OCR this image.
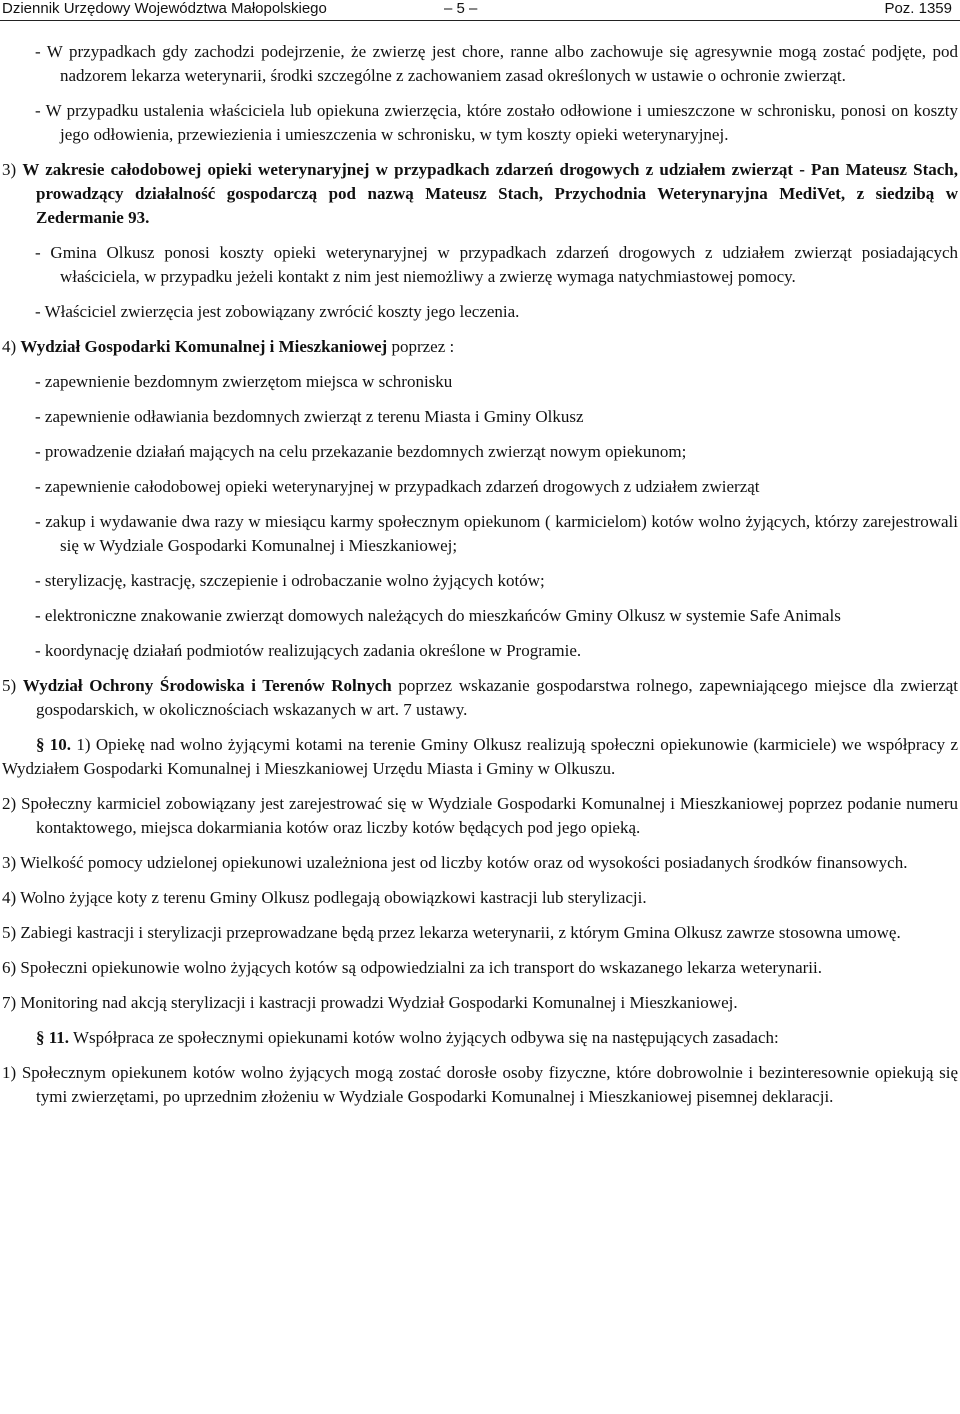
Dziennik Urzędowy Województwa Małopolskiego	– 5 –	Poz. 1359

- W przypadkach gdy zachodzi podejrzenie, że zwierzę jest chore, ranne albo zachowuje się agresywnie mogą zostać podjęte, pod nadzorem lekarza weterynarii, środki szczególne z zachowaniem zasad określonych w ustawie o ochronie zwierząt.

- W przypadku ustalenia właściciela lub opiekuna zwierzęcia, które zostało odłowione i umieszczone w schronisku, ponosi on koszty jego odłowienia, przewiezienia i umieszczenia w schronisku, w tym koszty opieki weterynaryjnej.

3) W zakresie całodobowej opieki weterynaryjnej w przypadkach zdarzeń drogowych z udziałem zwierząt - Pan Mateusz Stach, prowadzący działalność gospodarczą pod nazwą Mateusz Stach, Przychodnia Weterynaryjna MediVet, z siedzibą w Zedermanie 93.

- Gmina Olkusz ponosi koszty opieki weterynaryjnej w przypadkach zdarzeń drogowych z udziałem zwierząt posiadających właściciela, w przypadku jeżeli kontakt z nim jest niemożliwy a zwierzę wymaga natychmiastowej pomocy.

- Właściciel zwierzęcia jest zobowiązany zwrócić koszty jego leczenia.

4) Wydział Gospodarki Komunalnej i Mieszkaniowej poprzez :

- zapewnienie bezdomnym zwierzętom miejsca w schronisku

- zapewnienie odławiania bezdomnych zwierząt z terenu Miasta i Gminy Olkusz

- prowadzenie działań mających na celu przekazanie bezdomnych zwierząt nowym opiekunom;

- zapewnienie całodobowej opieki weterynaryjnej w przypadkach zdarzeń drogowych z udziałem zwierząt

- zakup i wydawanie dwa razy w miesiącu karmy społecznym opiekunom ( karmicielom) kotów wolno żyjących, którzy zarejestrowali się w Wydziale Gospodarki Komunalnej i Mieszkaniowej;

- sterylizację, kastrację, szczepienie i odrobaczanie wolno żyjących kotów;

- elektroniczne znakowanie zwierząt domowych należących do mieszkańców Gminy Olkusz w systemie Safe Animals

- koordynację działań podmiotów realizujących zadania określone w Programie.

5) Wydział Ochrony Środowiska i Terenów Rolnych poprzez wskazanie gospodarstwa rolnego, zapewniającego miejsce dla zwierząt gospodarskich, w okolicznościach wskazanych w art. 7 ustawy.

§ 10. 1) Opiekę nad wolno żyjącymi kotami na terenie Gminy Olkusz realizują społeczni opiekunowie (karmiciele) we współpracy z Wydziałem Gospodarki Komunalnej i Mieszkaniowej Urzędu Miasta i Gminy w Olkuszu.

2) Społeczny karmiciel zobowiązany jest zarejestrować się w Wydziale Gospodarki Komunalnej i Mieszkaniowej poprzez podanie numeru kontaktowego, miejsca dokarmiania kotów oraz liczby kotów będących pod jego opieką.

3) Wielkość pomocy udzielonej opiekunowi uzależniona jest od liczby kotów oraz od wysokości posiadanych środków finansowych.

4) Wolno żyjące koty z terenu Gminy Olkusz podlegają obowiązkowi kastracji lub sterylizacji.

5) Zabiegi kastracji i sterylizacji przeprowadzane będą przez lekarza weterynarii, z którym Gmina Olkusz zawrze stosowna umowę.

6) Społeczni opiekunowie wolno żyjących kotów są odpowiedzialni za ich transport do wskazanego lekarza weterynarii.

7) Monitoring nad akcją sterylizacji i kastracji prowadzi Wydział Gospodarki Komunalnej i Mieszkaniowej.

§ 11. Współpraca ze społecznymi opiekunami kotów wolno żyjących odbywa się na następujących zasadach:

1) Społecznym opiekunem kotów wolno żyjących mogą zostać dorosłe osoby fizyczne, które dobrowolnie i bezinteresownie opiekują się tymi zwierzętami, po uprzednim złożeniu w Wydziale Gospodarki Komunalnej i Mieszkaniowej pisemnej deklaracji.
